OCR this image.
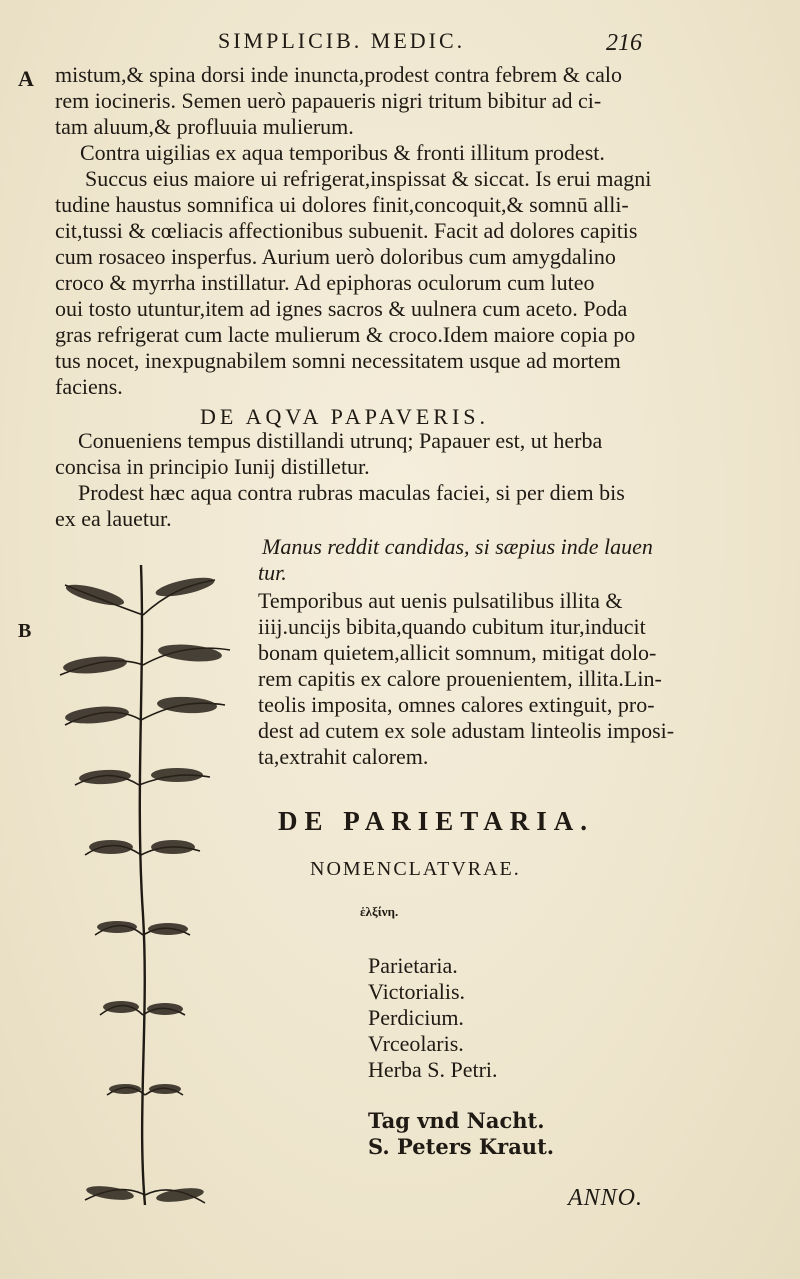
SIMPLICIB. MEDIC.	216
A
B
mistum,& spina dorsi inde inuncta,prodest contra febrem & calo
rem iocineris. Semen uerò papaueris nigri tritum bibitur ad ci-
tam aluum,& profluuia mulierum.
Contra uigilias ex aqua temporibus & fronti illitum prodest.
Succus eius maiore ui refrigerat,inspissat & siccat. Is erui magni
tudine haustus somnifica ui dolores finit,concoquit,& somnū alli-
cit,tussi & cœliacis affectionibus subuenit. Facit ad dolores capitis
cum rosaceo insperfus. Aurium uerò doloribus cum amygdalino
croco & myrrha instillatur. Ad epiphoras oculorum cum luteo
oui tosto utuntur,item ad ignes sacros & uulnera cum aceto. Poda
gras refrigerat cum lacte mulierum & croco.Idem maiore copia po
tus nocet, inexpugnabilem somni necessitatem usque ad mortem
faciens.
DE AQVA PAPAVERIS.
Conueniens tempus distillandi utrunq; Papauer est, ut herba
concisa in principio Iunij distilletur.
Prodest hæc aqua contra rubras maculas faciei, si per diem bis
ex ea lauetur.
Manus reddit candidas, si sæpius inde lauen
tur.
Temporibus aut uenis pulsatilibus illita &
iiij.uncijs bibita,quando cubitum itur,inducit
bonam quietem,allicit somnum, mitigat dolo-
rem capitis ex calore prouenientem, illita.Lin-
teolis imposita, omnes calores extinguit, pro-
dest ad cutem ex sole adustam linteolis imposi-
ta,extrahit calorem.
DE PARIETARIA.
NOMENCLATVRAE.
ἑλξίνη.
Parietaria.
Victorialis.
Perdicium.
Vrceolaris.
Herba S. Petri.
Tag vnd Nacht.
S. Peters Kraut.
ANNO.
